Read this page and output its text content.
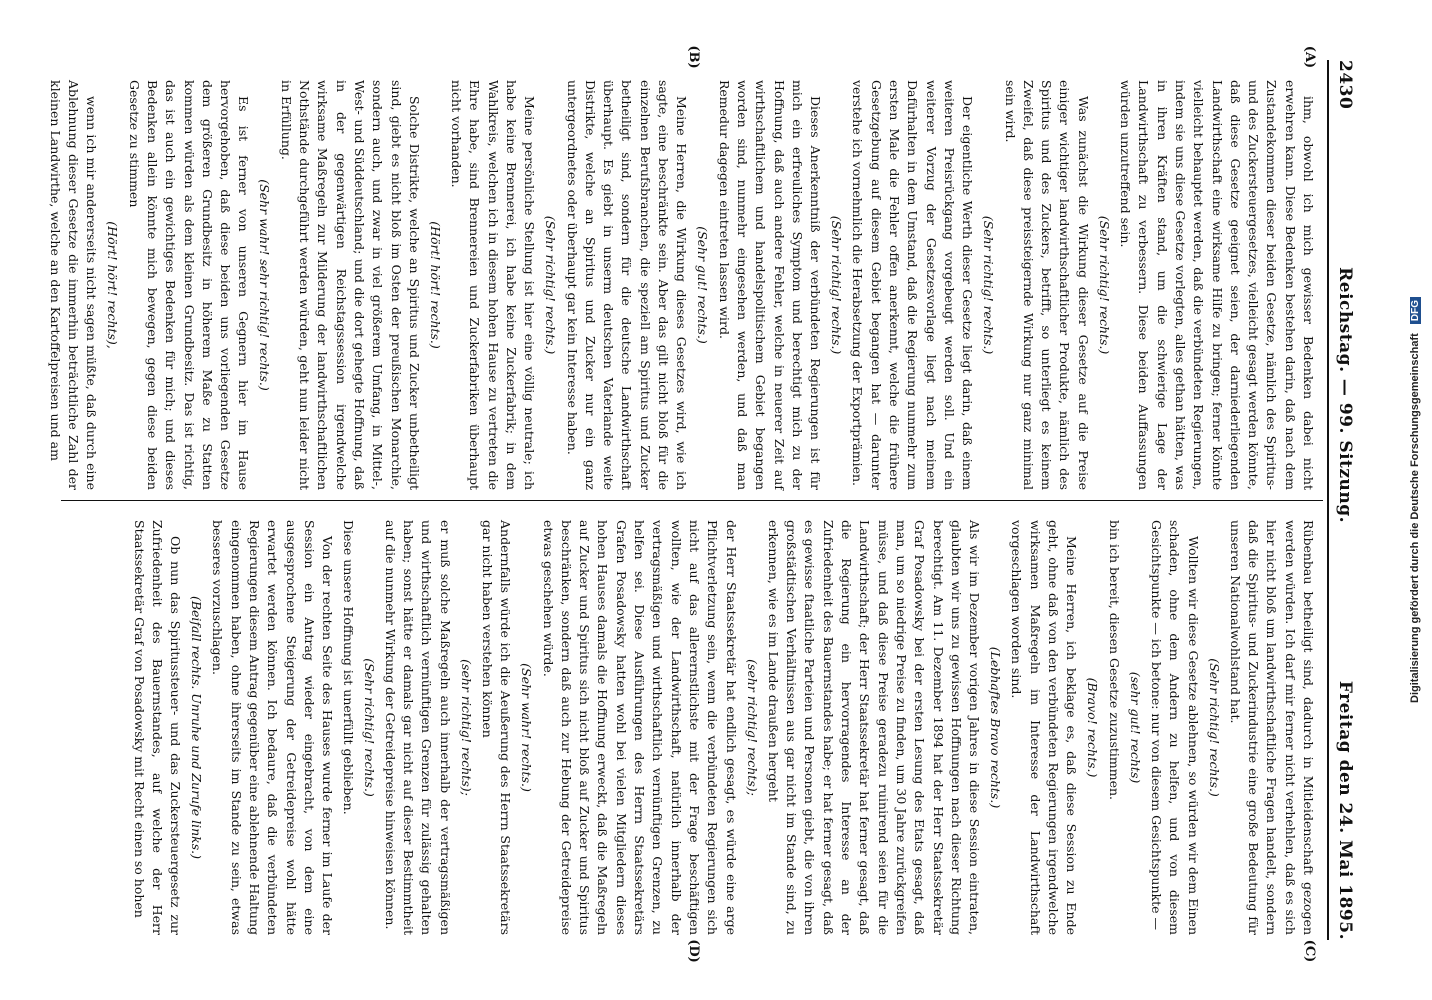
2430
Reichstag. — 99. Sitzung.
Freitag den 24. Mai 1895.
(A)
(B)
(C)
(D)

ihm, obwohl ich mich gewisser Bedenken dabei nicht erwehren kann. Diese Bedenken bestehen darin, daß nach dem Zustandekommen dieser beiden Gesetze, nämlich des Spiritus- und des Zuckersteuergesetzes, vielleicht gesagt werden könnte, daß diese Gesetze geeignet seien, der darniederliegenden Landwirthschaft eine wirksame Hilfe zu bringen; ferner könnte vielleicht behauptet werden, daß die verbündeten Regierungen, indem sie uns diese Gesetze vorlegten, alles gethan hätten, was in ihren Kräften stand, um die schwierige Lage der Landwirthschaft zu verbessern. Diese beiden Auffassungen würden unzutreffend sein.

(Sehr richtig! rechts.)

Was zunächst die Wirkung dieser Gesetze auf die Preise einiger wichtiger landwirthschaftlicher Produkte, nämlich des Spiritus und des Zuckers, betrifft, so unterliegt es keinem Zweifel, daß diese preissteigernde Wirkung nur ganz minimal sein wird.

(Sehr richtig! rechts.)

Der eigentliche Werth dieser Gesetze liegt darin, daß einem weiteren Preisrückgang vorgebeugt werden soll. Und ein weiterer Vorzug der Gesetzesvorlage liegt nach meinem Dafürhalten in dem Umstand, daß die Regierung nunmehr zum ersten Male die Fehler offen anerkennt, welche die frühere Gesetzgebung auf diesem Gebiet begangen hat — darunter verstehe ich vornehmlich die Herabsetzung der Exportprämien.

(Sehr richtig! rechts.)

Dieses Anerkenntniß der verbündeten Regierungen ist für mich ein erfreuliches Symptom und berechtigt mich zu der Hoffnung, daß auch andere Fehler, welche in neuerer Zeit auf wirthschaftlichem und handelspolitischem Gebiet begangen worden sind, nunmehr eingesehen werden, und daß man Remedur dagegen eintreten lassen wird.

(Sehr gut! rechts.)

Meine Herren, die Wirkung dieses Gesetzes wird, wie ich sagte, eine beschränkte sein. Aber das gilt nicht bloß für die einzelnen Berufsbranchen, die speziell am Spiritus und Zucker betheiligt sind, sondern für die deutsche Landwirthschaft überhaupt. Es giebt in unserm deutschen Vaterlande weite Distrikte, welche an Spiritus und Zucker nur ein ganz untergeordnetes oder überhaupt gar kein Interesse haben.

(Sehr richtig! rechts.)

Meine persönliche Stellung ist hier eine völlig neutrale; ich habe keine Brennerei, ich habe keine Zuckerfabrik; in dem Wahlkreis, welchen ich in diesem hohen Hause zu vertreten die Ehre habe, sind Brennereien und Zuckerfabriken überhaupt nicht vorhanden.

(Hört! hört! rechts.)

Solche Distrikte, welche an Spiritus und Zucker unbetheiligt sind, giebt es nicht bloß im Osten der preußischen Monarchie, sondern auch, und zwar in viel größerem Umfang, in Mittel-, West- und Süddeutschland; und die dort gehegte Hoffnung, daß in der gegenwärtigen Reichstagssession irgendwelche wirksame Maßregeln zur Milderung der landwirthschaftlichen Nothstände durchgeführt werden würden, geht nun leider nicht in Erfüllung.

(Sehr wahr! sehr richtig! rechts.)

Es ist ferner von unseren Gegnern hier im Hause hervorgehoben, daß diese beiden uns vorliegenden Gesetze dem größeren Grundbesitz in höherem Maße zu Statten kommen würden als dem kleinen Grundbesitz. Das ist richtig, das ist auch ein gewichtiges Bedenken für mich; und dieses Bedenken allein könnte mich bewegen, gegen diese beiden Gesetze zu stimmen

(Hört! hört! rechts),

wenn ich mir andererseits nicht sagen müßte, daß durch eine Ablehnung dieser Gesetze die immerhin beträchtliche Zahl der kleinen Landwirthe, welche an den Kartoffelpreisen und am

Rübenbau betheiligt sind, dadurch in Mitleidenschaft gezogen werden würden. Ich darf mir ferner nicht verhehlen, daß es sich hier nicht bloß um landwirthschaftliche Fragen handelt, sondern daß die Spiritus- und Zuckerindustrie eine große Bedeutung für unseren Nationalwohlstand hat.

(Sehr richtig! rechts.)

Wollten wir diese Gesetze ablehnen, so würden wir dem Einen schaden, ohne dem Andern zu helfen, und von diesem Gesichtspunkte — ich betone: nur von diesem Gesichtspunkte —

(sehr gut! rechts)

bin ich bereit, diesen Gesetze zuzustimmen.

(Bravo! rechts.)

Meine Herren, ich beklage es, daß diese Session zu Ende geht, ohne daß von den verbündeten Regierungen irgendwelche wirksamen Maßregeln im Interesse der Landwirthschaft vorgeschlagen worden sind.

(Lebhaftes Bravo rechts.)

Als wir im Dezember vorigen Jahres in diese Session eintraten, glaubten wir uns zu gewissen Hoffnungen nach dieser Richtung berechtigt. Am 11. Dezember 1894 hat der Herr Staatssekretär Graf Posadowsky bei der ersten Lesung des Etats gesagt, daß man, um so niedrige Preise zu finden, um 30 Jahre zurückgreifen müsse, und daß diese Preise geradezu ruinirend seien für die Landwirthschaft; der Herr Staatssekretär hat ferner gesagt, daß die Regierung ein hervorragendes Interesse an der Zufriedenheit des Bauernstandes habe; er hat ferner gesagt, daß es gewisse ſtaatliche Parteien und Personen giebt, die von ihren großstädtischen Verhältnissen aus gar nicht im Stande sind, zu erkennen, wie es im Lande draußen hergeht

(sehr richtig! rechts);

der Herr Staatssekretär hat endlich gesagt, es würde eine arge Pflichtverletzung sein, wenn die verbündeten Regierungen sich nicht auf das allerernstlichste mit der Frage beschäftigen wollten, wie der Landwirthschaft, natürlich innerhalb der vertragsmäßigen und wirthschaftlich vernünftigen Grenzen, zu helfen sei. Diese Ausführungen des Herrn Staatssekretärs Grafen Posadowsky hatten wohl bei vielen Mitgliedern dieses hohen Hauses damals die Hoffnung erweckt, daß die Maßregeln auf Zucker und Spiritus sich nicht bloß auf Zucker und Spiritus beschränken, sondern daß auch zur Hebung der Getreidepreise etwas geschehen würde.

(Sehr wahr! rechts.)

Andernfalls würde ich die Aeußerung des Herrn Staatssekretärs gar nicht haben verstehen können

(sehr richtig! rechts);

er muß solche Maßregeln auch innerhalb der vertragsmäßigen und wirthschaftlich vernünftigen Grenzen für zulässig gehalten haben; sonst hätte er damals gar nicht auf dieser Bestimmtheit auf die nunmehr Wirkung der Getreidepreise hinweisen können.

(Sehr richtig! rechts.)

Diese unsere Hoffnung ist unerfüllt geblieben.

Von der rechten Seite des Hauses wurde ferner im Laufe der Session ein Antrag wieder eingebracht, von dem eine ausgesprochene Steigerung der Getreidepreise wohl hätte erwartet werden können. Ich bedaure, daß die verbündeten Regierungen diesem Antrag gegenüber eine ablehnende Haltung eingenommen haben, ohne ihrerseits im Stande zu sein, etwas besseres vorzuschlagen.

(Beifall rechts. Unruhe und Zurufe links.)

Ob nun das Spiritussteuer- und das Zuckersteuergesetz zur Zufriedenheit des Bauernstandes, auf welche der Herr Staatssekretär Graf von Posadowsky mit Recht einen so hohen

Digitalisierung gefördert durch die Deutsche Forschungsgemeinschaft DFG
